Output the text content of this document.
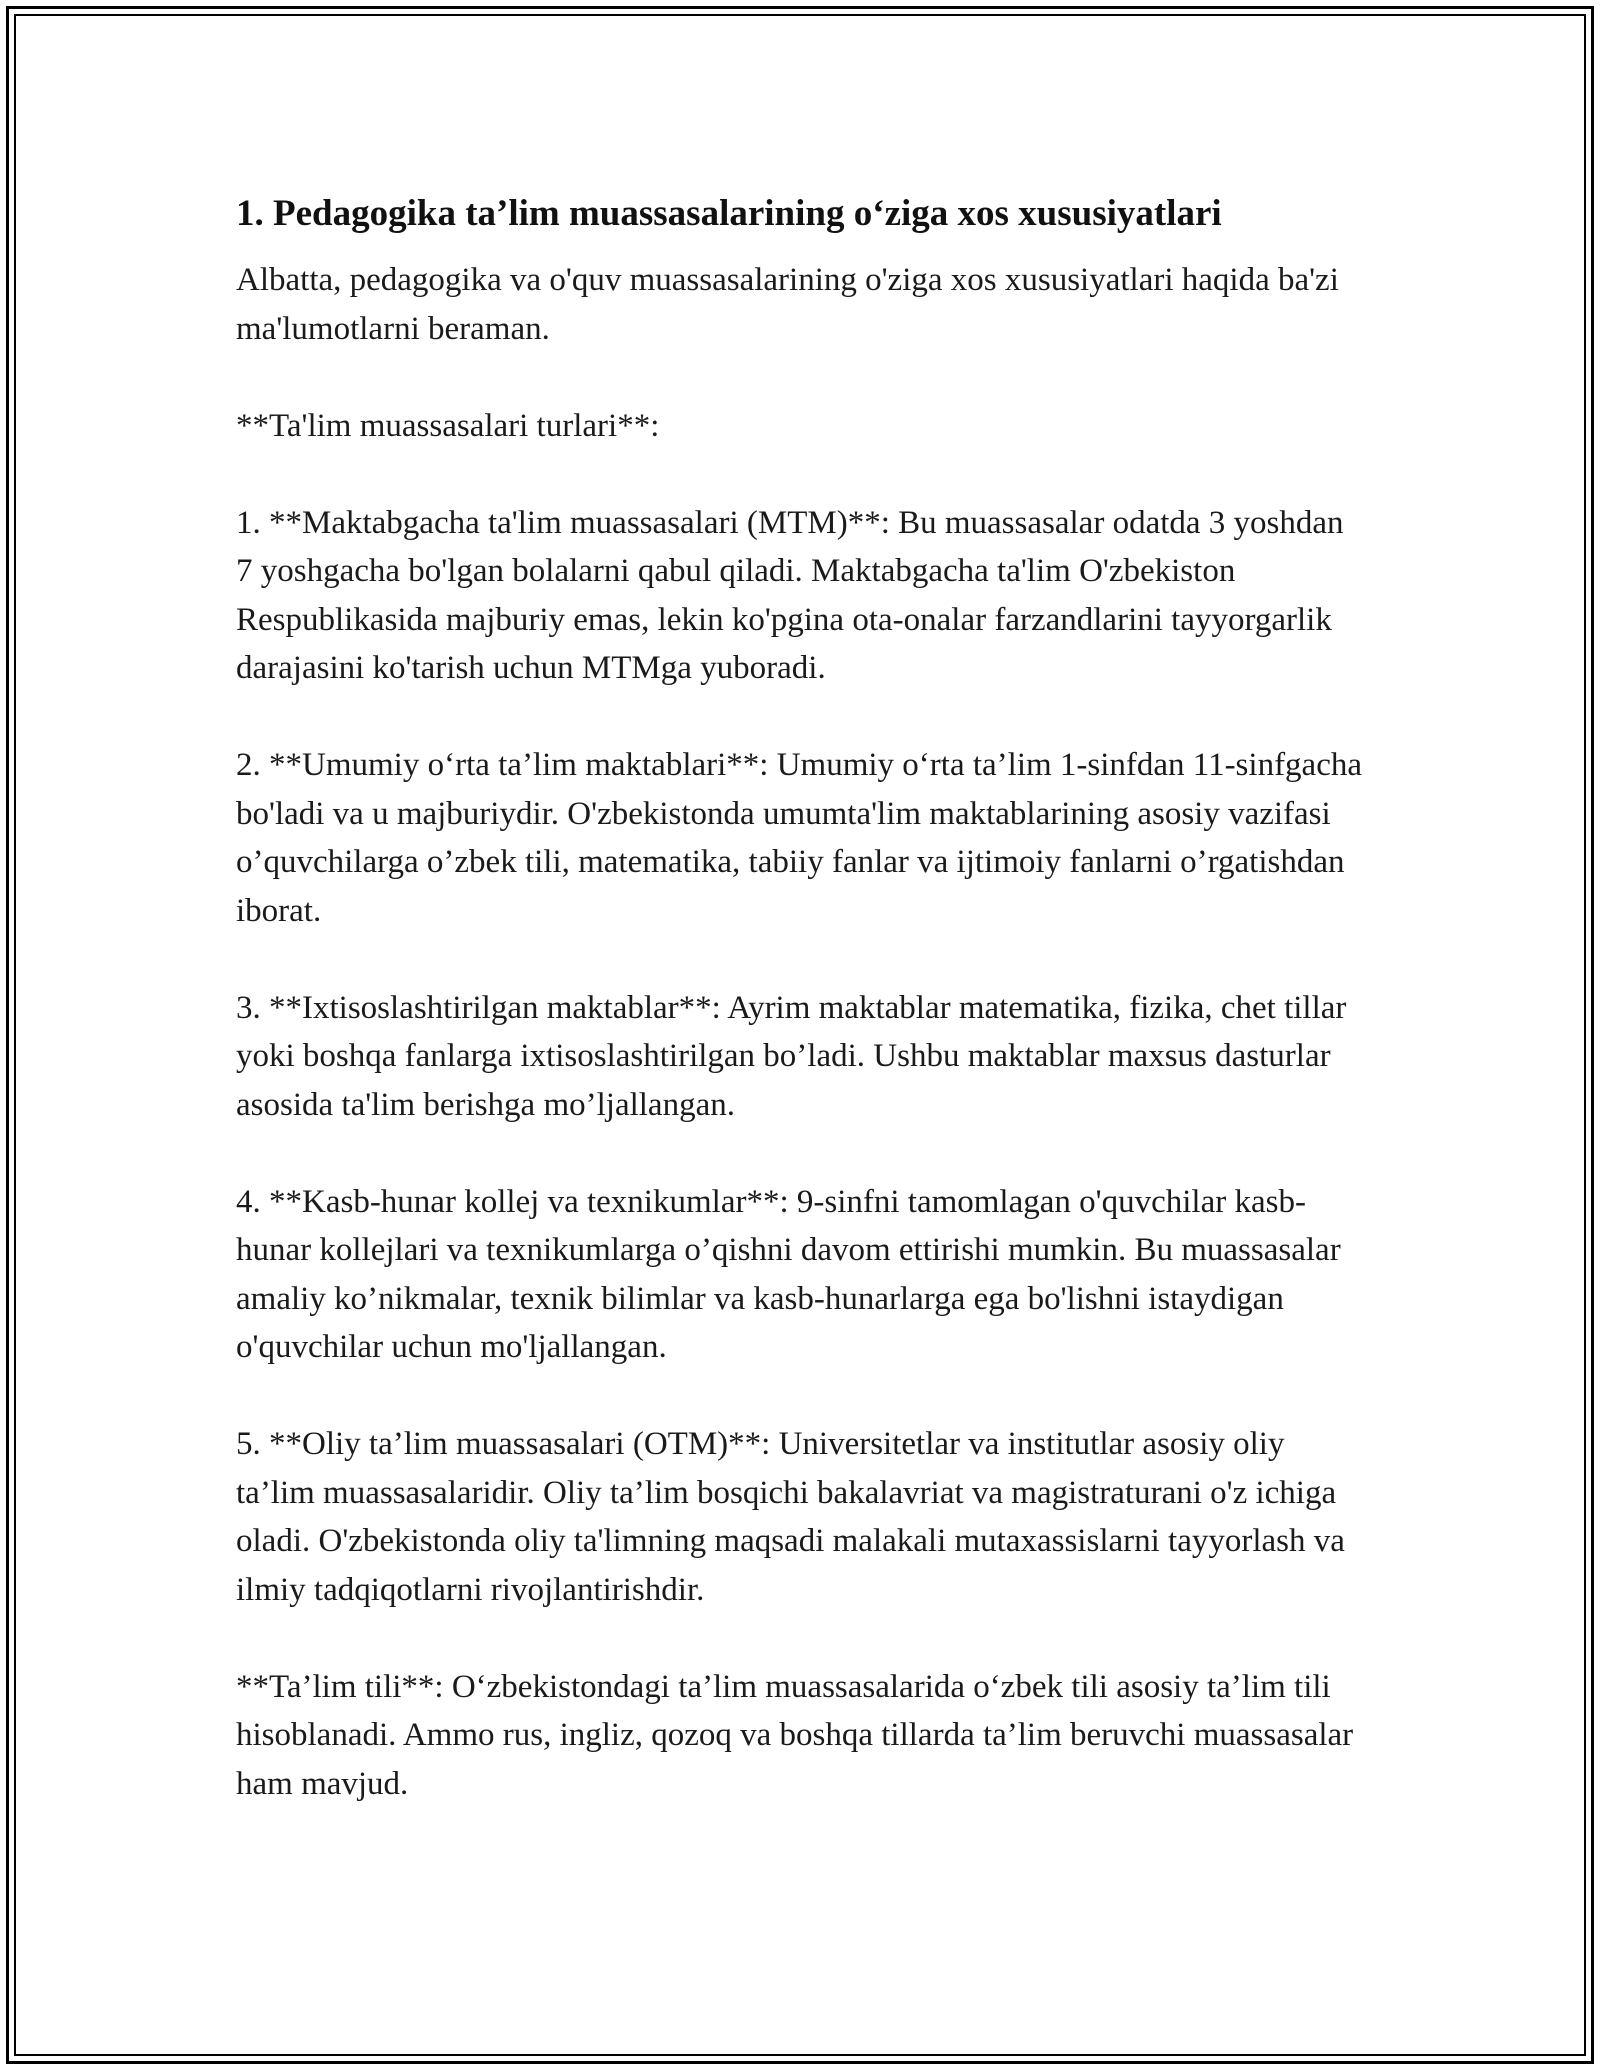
1. Pedagogika ta’lim muassasalarining o‘ziga xos xususiyatlari

Albatta, pedagogika va o'quv muassasalarining o'ziga xos xususiyatlari haqida ba'zi ma'lumotlarni beraman.

**Ta'lim muassasalari turlari**:

1. **Maktabgacha ta'lim muassasalari (MTM)**: Bu muassasalar odatda 3 yoshdan 7 yoshgacha bo'lgan bolalarni qabul qiladi. Maktabgacha ta'lim O'zbekiston Respublikasida majburiy emas, lekin ko'pgina ota-onalar farzandlarini tayyorgarlik darajasini ko'tarish uchun MTMga yuboradi.

2. **Umumiy o‘rta ta’lim maktablari**: Umumiy o‘rta ta’lim 1-sinfdan 11-sinfgacha bo'ladi va u majburiydir. O'zbekistonda umumta'lim maktablarining asosiy vazifasi o’quvchilarga o’zbek tili, matematika, tabiiy fanlar va ijtimoiy fanlarni o’rgatishdan iborat.

3. **Ixtisoslashtirilgan maktablar**: Ayrim maktablar matematika, fizika, chet tillar yoki boshqa fanlarga ixtisoslashtirilgan bo’ladi. Ushbu maktablar maxsus dasturlar asosida ta'lim berishga mo’ljallangan.

4. **Kasb-hunar kollej va texnikumlar**: 9-sinfni tamomlagan o'quvchilar kasb-hunar kollejlari va texnikumlarga o’qishni davom ettirishi mumkin. Bu muassasalar amaliy ko’nikmalar, texnik bilimlar va kasb-hunarlarga ega bo'lishni istaydigan o'quvchilar uchun mo'ljallangan.

5. **Oliy ta’lim muassasalari (OTM)**: Universitetlar va institutlar asosiy oliy ta’lim muassasalaridir. Oliy ta’lim bosqichi bakalavriat va magistraturani o'z ichiga oladi. O'zbekistonda oliy ta'limning maqsadi malakali mutaxassislarni tayyorlash va ilmiy tadqiqotlarni rivojlantirishdir.

**Ta’lim tili**: O‘zbekistondagi ta’lim muassasalarida o‘zbek tili asosiy ta’lim tili hisoblanadi. Ammo rus, ingliz, qozoq va boshqa tillarda ta’lim beruvchi muassasalar ham mavjud.
